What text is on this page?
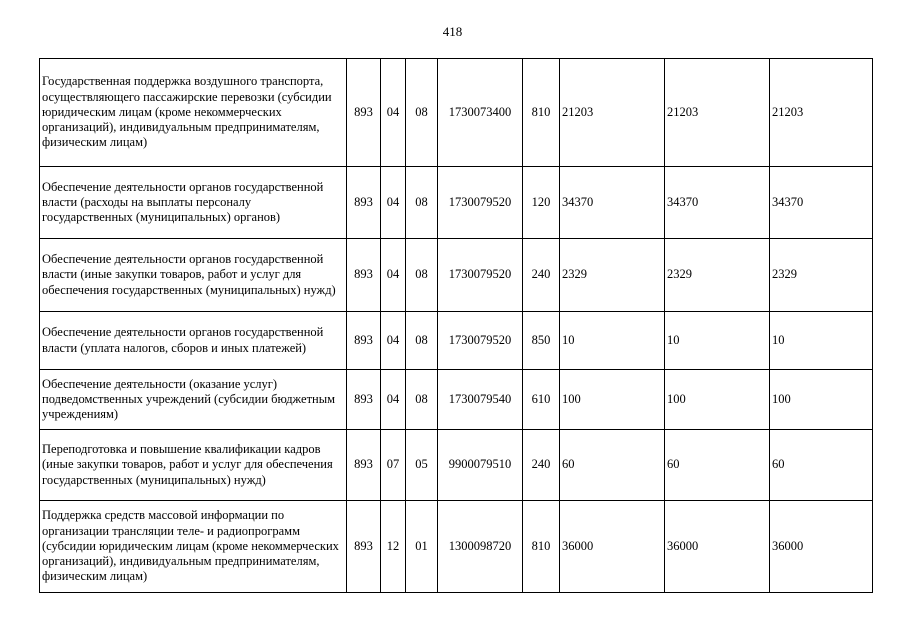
418
Государственная поддержка воздушного транспорта, осуществляющего пассажирские перевозки (субсидии юридическим лицам (кроме некоммерческих организаций), индивидуальным предпринимателям, физическим лицам)	893	04	08	1730073400	810	21203	21203	21203
Обеспечение деятельности органов государственной власти (расходы на выплаты персоналу государственных (муниципальных) органов)	893	04	08	1730079520	120	34370	34370	34370
Обеспечение деятельности органов государственной власти (иные закупки товаров, работ и услуг для обеспечения государственных (муниципальных) нужд)	893	04	08	1730079520	240	2329	2329	2329
Обеспечение деятельности органов государственной власти (уплата налогов, сборов и иных платежей)	893	04	08	1730079520	850	10	10	10
Обеспечение деятельности (оказание услуг) подведомственных учреждений (субсидии бюджетным учреждениям)	893	04	08	1730079540	610	100	100	100
Переподготовка и повышение квалификации кадров (иные закупки товаров, работ и услуг для обеспечения государственных (муниципальных) нужд)	893	07	05	9900079510	240	60	60	60
Поддержка средств массовой информации по организации трансляции теле- и радиопрограмм (субсидии юридическим лицам (кроме некоммерческих организаций), индивидуальным предпринимателям, физическим лицам)	893	12	01	1300098720	810	36000	36000	36000
